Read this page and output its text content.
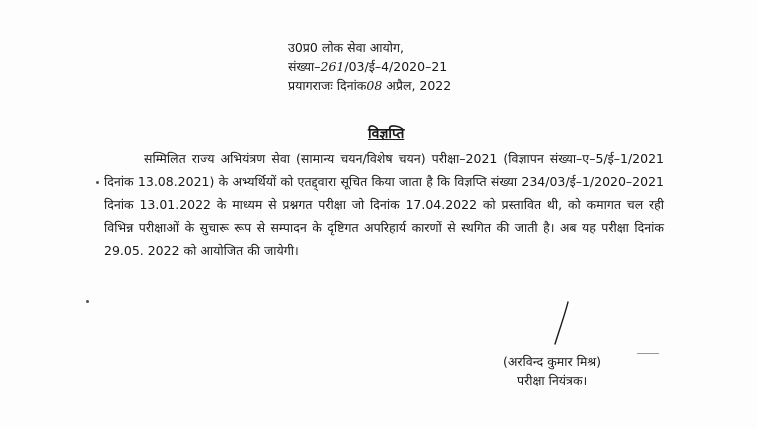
उ0प्र0 लोक सेवा आयोग,
संख्या–261/03/ई–4/2020–21
प्रयागराजः दिनांक08 अप्रैल, 2022
विज्ञप्ति
सम्मिलित राज्य अभियंत्रण सेवा (सामान्य चयन/विशेष चयन) परीक्षा–2021 (विज्ञापन संख्या–ए–5/ई–1/2021 दिनांक 13.08.2021) के अभ्यर्थियों को एतद्द्वारा सूचित किया जाता है कि विज्ञप्ति संख्या 234/03/ई–1/2020–2021 दिनांक 13.01.2022 के माध्यम से प्रश्नगत परीक्षा जो दिनांक 17.04.2022 को प्रस्तावित थी, को कमागत चल रही विभिन्न परीक्षाओं के सुचारू रूप से सम्पादन के दृष्टिगत अपरिहार्य कारणों से स्थगित की जाती है। अब यह परीक्षा दिनांक 29.05. 2022 को आयोजित की जायेगी।
(अरविन्द कुमार मिश्र)
परीक्षा नियंत्रक।
